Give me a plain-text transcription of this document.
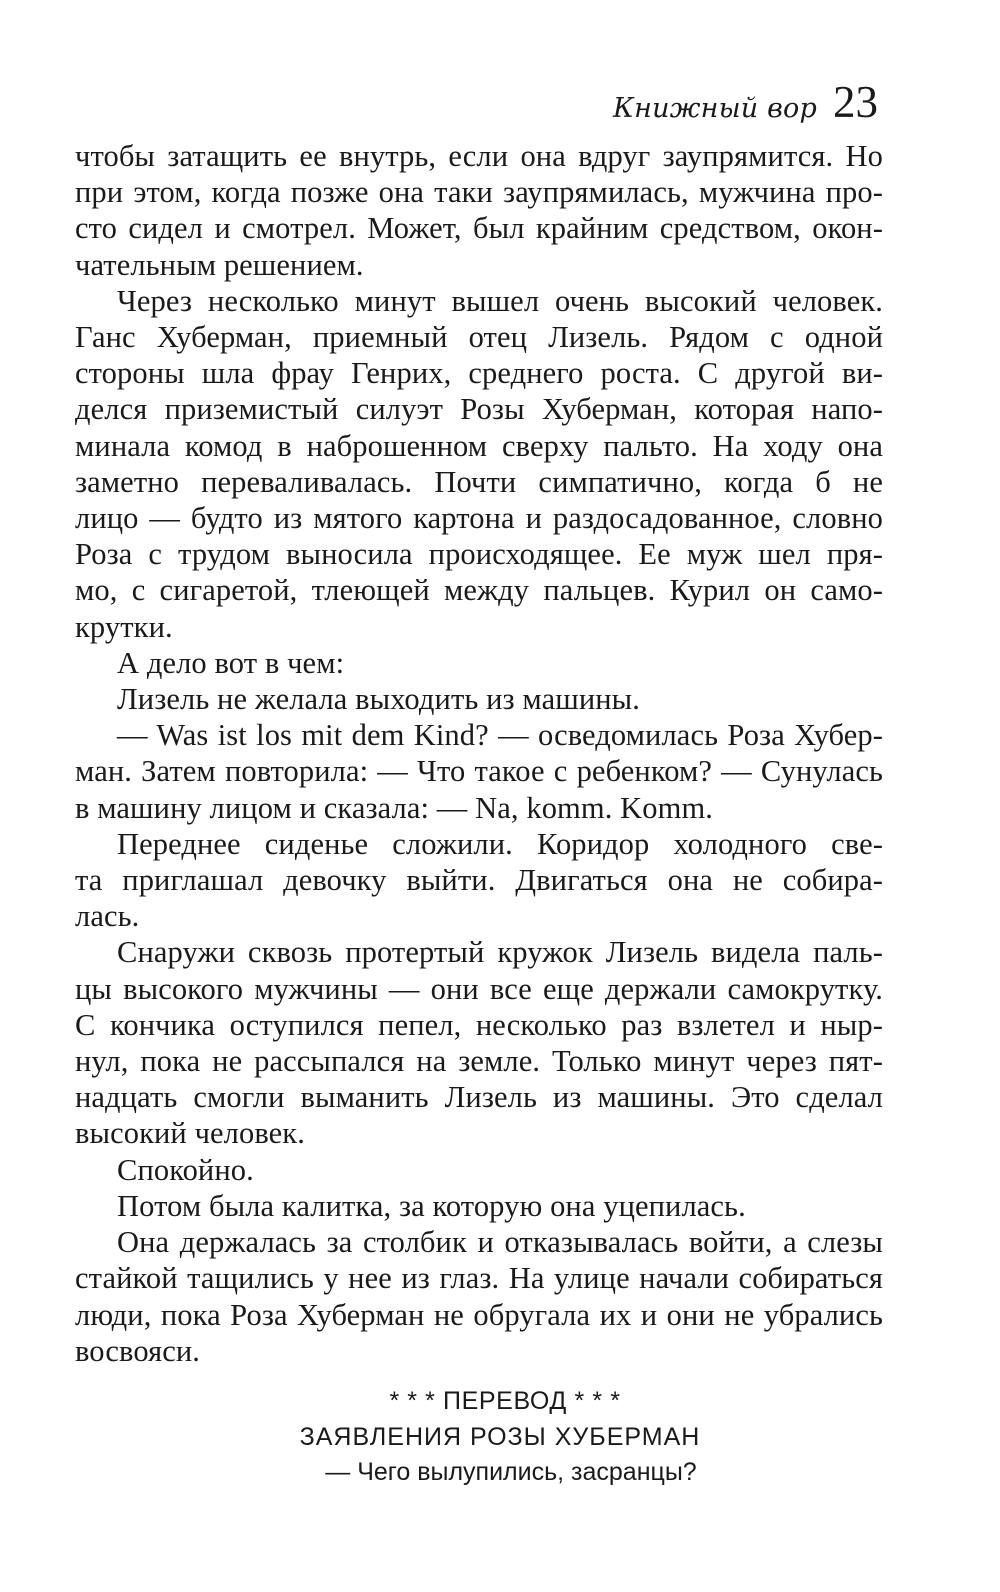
Книжный вор 23

чтобы затащить ее внутрь, если она вдруг заупрямится. Но
при этом, когда позже она таки заупрямилась, мужчина про-
сто сидел и смотрел. Может, был крайним средством, окон-
чательным решением.

Через несколько минут вышел очень высокий человек.
Ганс Хуберман, приемный отец Лизель. Рядом с одной
стороны шла фрау Генрих, среднего роста. С другой ви-
делся приземистый силуэт Розы Хуберман, которая напо-
минала комод в наброшенном сверху пальто. На ходу она
заметно переваливалась. Почти симпатично, когда б не
лицо — будто из мятого картона и раздосадованное, словно
Роза с трудом выносила происходящее. Ее муж шел пря-
мо, с сигаретой, тлеющей между пальцев. Курил он само-
крутки.

А дело вот в чем:

Лизель не желала выходить из машины.

— Was ist los mit dem Kind? — осведомилась Роза Хубер-
ман. Затем повторила: — Что такое с ребенком? — Сунулась
в машину лицом и сказала: — Na, komm. Komm.

Переднее сиденье сложили. Коридор холодного све-
та приглашал девочку выйти. Двигаться она не собира-
лась.

Снаружи сквозь протертый кружок Лизель видела паль-
цы высокого мужчины — они все еще держали самокрутку.
С кончика оступился пепел, несколько раз взлетел и ныр-
нул, пока не рассыпался на земле. Только минут через пят-
надцать смогли выманить Лизель из машины. Это сделал
высокий человек.

Спокойно.

Потом была калитка, за которую она уцепилась.

Она держалась за столбик и отказывалась войти, а слезы
стайкой тащились у нее из глаз. На улице начали собираться
люди, пока Роза Хуберман не обругала их и они не убрались
восвояси.

* * * ПЕРЕВОД * * *
ЗАЯВЛЕНИЯ РОЗЫ ХУБЕРМАН
— Чего вылупились, засранцы?
